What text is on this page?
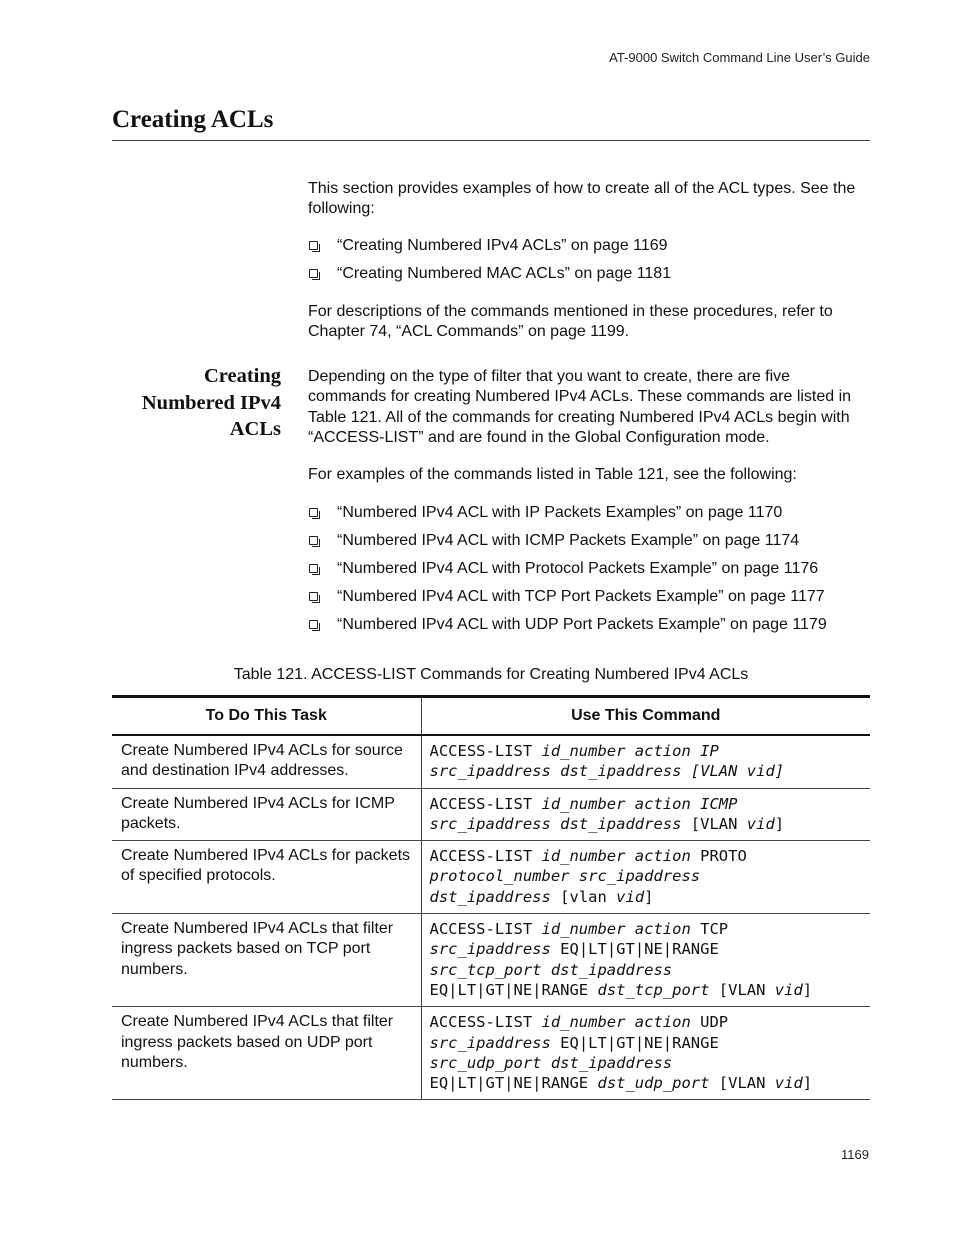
AT-9000 Switch Command Line User’s Guide
Creating ACLs

This section provides examples of how to create all of the ACL types. See the following:

“Creating Numbered IPv4 ACLs” on page 1169
“Creating Numbered MAC ACLs” on page 1181

For descriptions of the commands mentioned in these procedures, refer to Chapter 74, “ACL Commands” on page 1199.

Creating
Numbered IPv4
ACLs

Depending on the type of filter that you want to create, there are five commands for creating Numbered IPv4 ACLs. These commands are listed in Table 121. All of the commands for creating Numbered IPv4 ACLs begin with “ACCESS-LIST” and are found in the Global Configuration mode.

For examples of the commands listed in Table 121, see the following:

“Numbered IPv4 ACL with IP Packets Examples” on page 1170
“Numbered IPv4 ACL with ICMP Packets Example” on page 1174
“Numbered IPv4 ACL with Protocol Packets Example” on page 1176
“Numbered IPv4 ACL with TCP Port Packets Example” on page 1177
“Numbered IPv4 ACL with UDP Port Packets Example” on page 1179

Table 121. ACCESS-LIST Commands for Creating Numbered IPv4 ACLs

To Do This Task	Use This Command
Create Numbered IPv4 ACLs for source and destination IPv4 addresses.	ACCESS-LIST id_number action IP
src_ipaddress dst_ipaddress [VLAN vid]

Create Numbered IPv4 ACLs for ICMP packets.	ACCESS-LIST id_number action ICMP
src_ipaddress dst_ipaddress [VLAN vid]

Create Numbered IPv4 ACLs for packets of specified protocols.	ACCESS-LIST id_number action PROTO
protocol_number src_ipaddress
dst_ipaddress [vlan vid]

Create Numbered IPv4 ACLs that filter ingress packets based on TCP port numbers.	ACCESS-LIST id_number action TCP
src_ipaddress EQ|LT|GT|NE|RANGE
src_tcp_port dst_ipaddress
EQ|LT|GT|NE|RANGE dst_tcp_port [VLAN vid]

Create Numbered IPv4 ACLs that filter ingress packets based on UDP port numbers.	ACCESS-LIST id_number action UDP
src_ipaddress EQ|LT|GT|NE|RANGE
src_udp_port dst_ipaddress
EQ|LT|GT|NE|RANGE dst_udp_port [VLAN vid]
1169
